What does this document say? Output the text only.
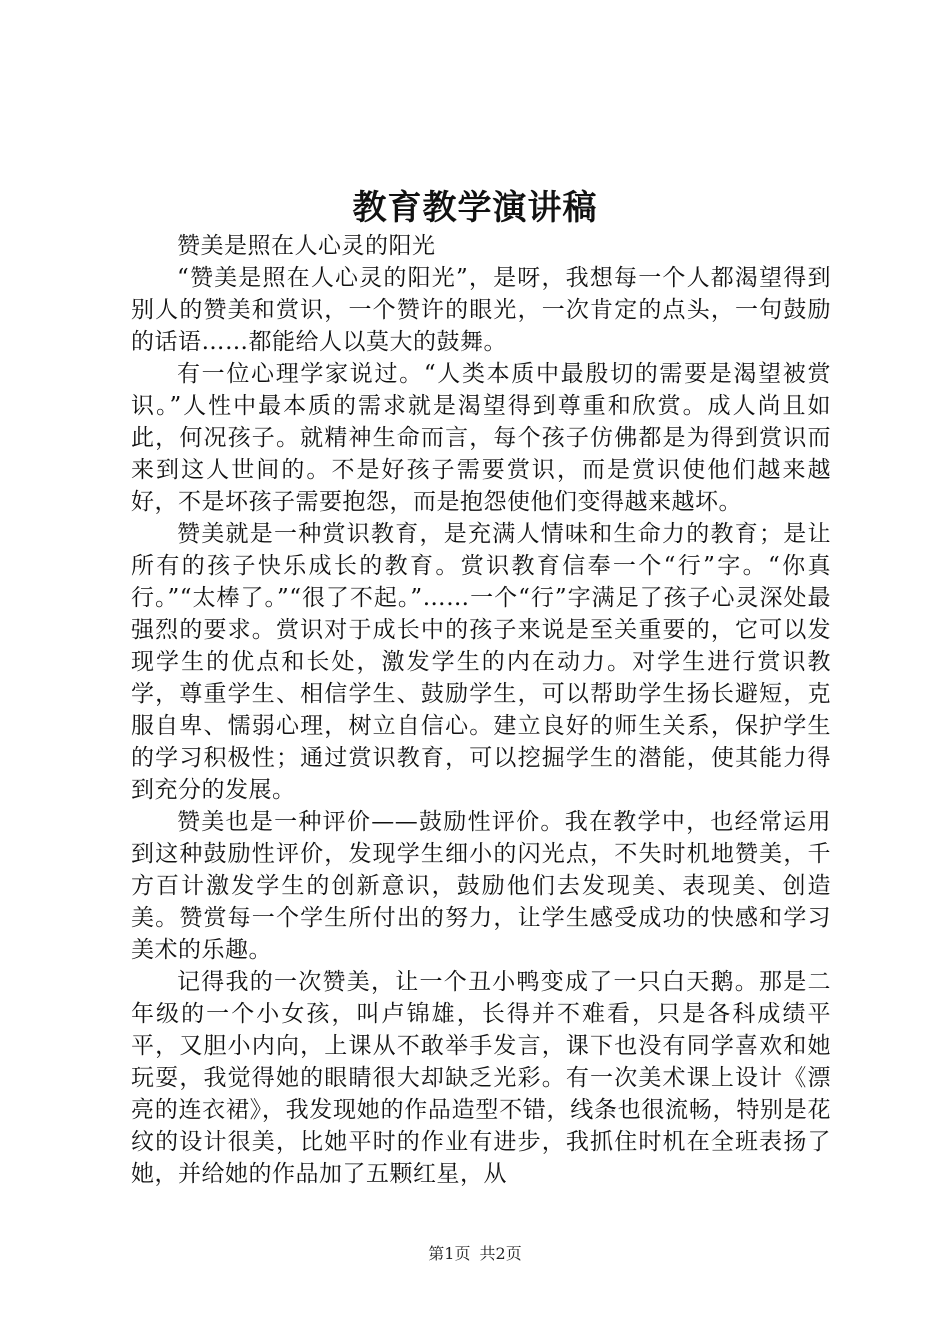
教育教学演讲稿

赞美是照在人心灵的阳光

“赞美是照在人心灵的阳光”，是呀，我想每一个人都渴望得到别人的赞美和赏识，一个赞许的眼光，一次肯定的点头，一句鼓励的话语……都能给人以莫大的鼓舞。

有一位心理学家说过。“人类本质中最殷切的需要是渴望被赏识。”人性中最本质的需求就是渴望得到尊重和欣赏。成人尚且如此，何况孩子。就精神生命而言，每个孩子仿佛都是为得到赏识而来到这人世间的。不是好孩子需要赏识，而是赏识使他们越来越好，不是坏孩子需要抱怨，而是抱怨使他们变得越来越坏。

赞美就是一种赏识教育，是充满人情味和生命力的教育；是让所有的孩子快乐成长的教育。赏识教育信奉一个“行”字。“你真行。”“太棒了。”“很了不起。”……一个“行”字满足了孩子心灵深处最强烈的要求。赏识对于成长中的孩子来说是至关重要的，它可以发现学生的优点和长处，激发学生的内在动力。对学生进行赏识教学，尊重学生、相信学生、鼓励学生，可以帮助学生扬长避短，克服自卑、懦弱心理，树立自信心。建立良好的师生关系，保护学生的学习积极性；通过赏识教育，可以挖掘学生的潜能，使其能力得到充分的发展。

赞美也是一种评价——鼓励性评价。我在教学中，也经常运用到这种鼓励性评价，发现学生细小的闪光点，不失时机地赞美，千方百计激发学生的创新意识，鼓励他们去发现美、表现美、创造美。赞赏每一个学生所付出的努力，让学生感受成功的快感和学习美术的乐趣。

记得我的一次赞美，让一个丑小鸭变成了一只白天鹅。那是二年级的一个小女孩，叫卢锦雄，长得并不难看，只是各科成绩平平，又胆小内向，上课从不敢举手发言，课下也没有同学喜欢和她玩耍，我觉得她的眼睛很大却缺乏光彩。有一次美术课上设计《漂亮的连衣裙》，我发现她的作品造型不错，线条也很流畅，特别是花纹的设计很美，比她平时的作业有进步，我抓住时机在全班表扬了她，并给她的作品加了五颗红星，从

第1页 共2页
